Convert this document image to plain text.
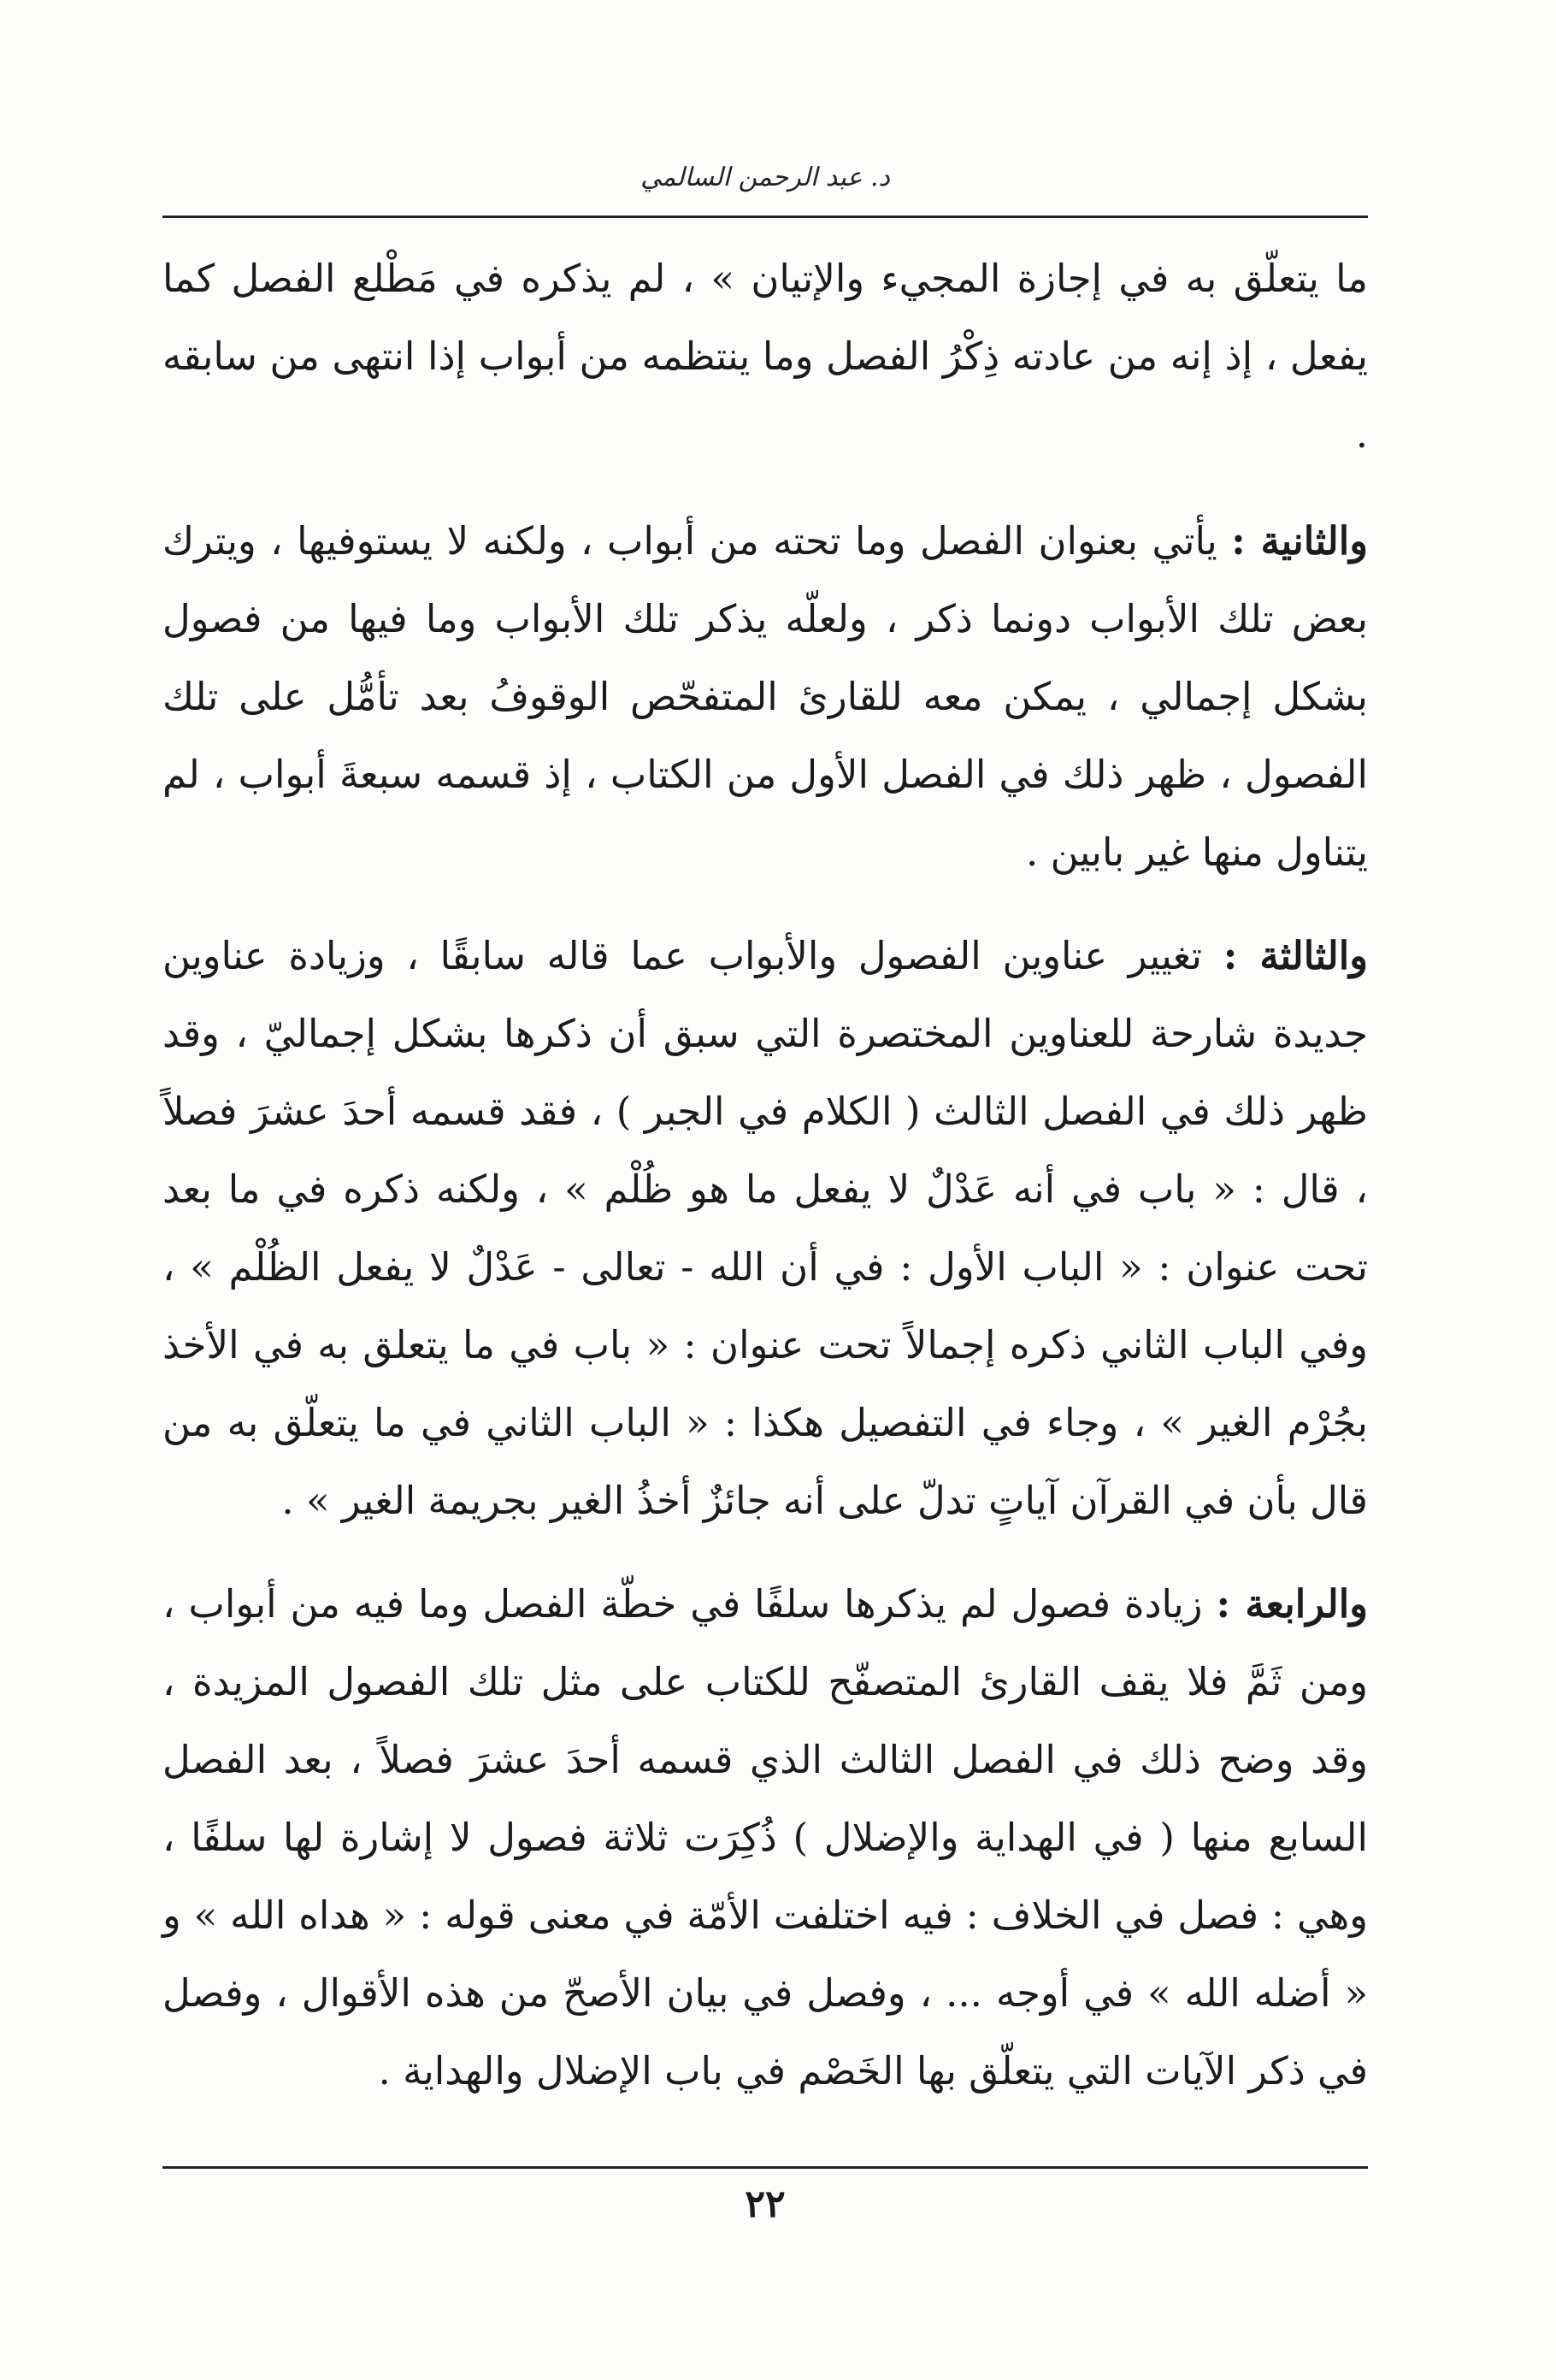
د. عبد الرحمن السالمي

ما يتعلّق به في إجازة المجيء والإتيان » ، لم يذكره في مَطْلع الفصل كما يفعل ، إذ إنه من عادته ذِكْرُ الفصل وما ينتظمه من أبواب إذا انتهى من سابقه .

والثانية : يأتي بعنوان الفصل وما تحته من أبواب ، ولكنه لا يستوفيها ، ويترك بعض تلك الأبواب دونما ذكر ، ولعلّه يذكر تلك الأبواب وما فيها من فصول بشكل إجمالي ، يمكن معه للقارئ المتفحّص الوقوفُ بعد تأمُّل على تلك الفصول ، ظهر ذلك في الفصل الأول من الكتاب ، إذ قسمه سبعةَ أبواب ، لم يتناول منها غير بابين .

والثالثة : تغيير عناوين الفصول والأبواب عما قاله سابقًا ، وزيادة عناوين جديدة شارحة للعناوين المختصرة التي سبق أن ذكرها بشكل إجماليّ ، وقد ظهر ذلك في الفصل الثالث ( الكلام في الجبر ) ، فقد قسمه أحدَ عشرَ فصلاً ، قال : « باب في أنه عَدْلٌ لا يفعل ما هو ظُلْم » ، ولكنه ذكره في ما بعد تحت عنوان : « الباب الأول : في أن الله - تعالى - عَدْلٌ لا يفعل الظُلْم » ، وفي الباب الثاني ذكره إجمالاً تحت عنوان : « باب في ما يتعلق به في الأخذ بجُرْم الغير » ، وجاء في التفصيل هكذا : « الباب الثاني في ما يتعلّق به من قال بأن في القرآن آياتٍ تدلّ على أنه جائزٌ أخذُ الغير بجريمة الغير » .

والرابعة : زيادة فصول لم يذكرها سلفًا في خطّة الفصل وما فيه من أبواب ، ومن ثَمَّ فلا يقف القارئ المتصفّح للكتاب على مثل تلك الفصول المزيدة ، وقد وضح ذلك في الفصل الثالث الذي قسمه أحدَ عشرَ فصلاً ، بعد الفصل السابع منها ( في الهداية والإضلال ) ذُكِرَت ثلاثة فصول لا إشارة لها سلفًا ، وهي : فصل في الخلاف : فيه اختلفت الأمّة في معنى قوله : « هداه الله » و « أضله الله » في أوجه ... ، وفصل في بيان الأصحّ من هذه الأقوال ، وفصل في ذكر الآيات التي يتعلّق بها الخَصْم في باب الإضلال والهداية .

٢٢
